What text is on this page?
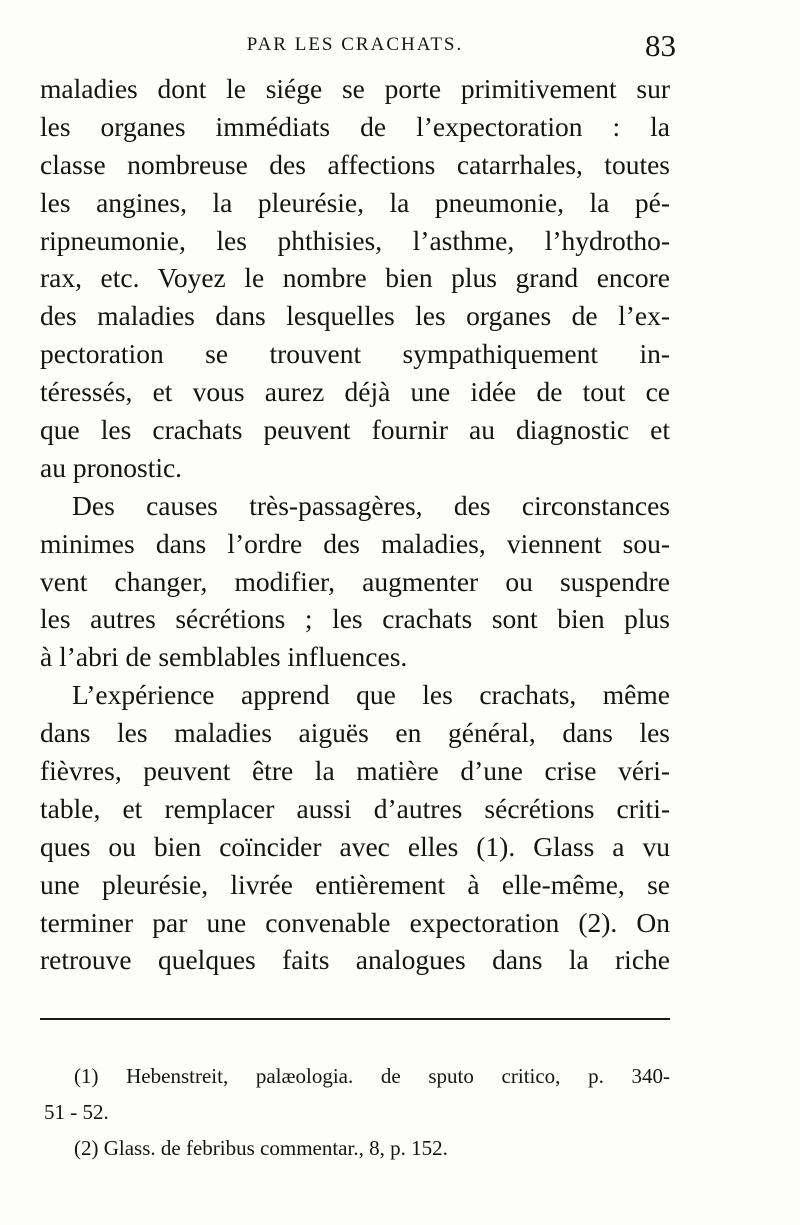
PAR LES CRACHATS.	83
maladies dont le siége se porte primitivement sur
les organes immédiats de l’expectoration : la
classe nombreuse des affections catarrhales, toutes
les angines, la pleurésie, la pneumonie, la pé-
ripneumonie, les phthisies, l’asthme, l’hydrotho-
rax, etc. Voyez le nombre bien plus grand encore
des maladies dans lesquelles les organes de l’ex-
pectoration se trouvent sympathiquement in-
téressés, et vous aurez déjà une idée de tout ce
que les crachats peuvent fournir au diagnostic et
au pronostic.
Des causes très-passagères, des circonstances
minimes dans l’ordre des maladies, viennent sou-
vent changer, modifier, augmenter ou suspendre
les autres sécrétions ; les crachats sont bien plus
à l’abri de semblables influences.
L’expérience apprend que les crachats, même
dans les maladies aiguës en général, dans les
fièvres, peuvent être la matière d’une crise véri-
table, et remplacer aussi d’autres sécrétions criti-
ques ou bien coïncider avec elles (1). Glass a vu
une pleurésie, livrée entièrement à elle-même, se
terminer par une convenable expectoration (2). On
retrouve quelques faits analogues dans la riche
(1) Hebenstreit, palæologia. de sputo critico, p. 340-
51 - 52.
(2) Glass. de febribus commentar., 8, p. 152.
